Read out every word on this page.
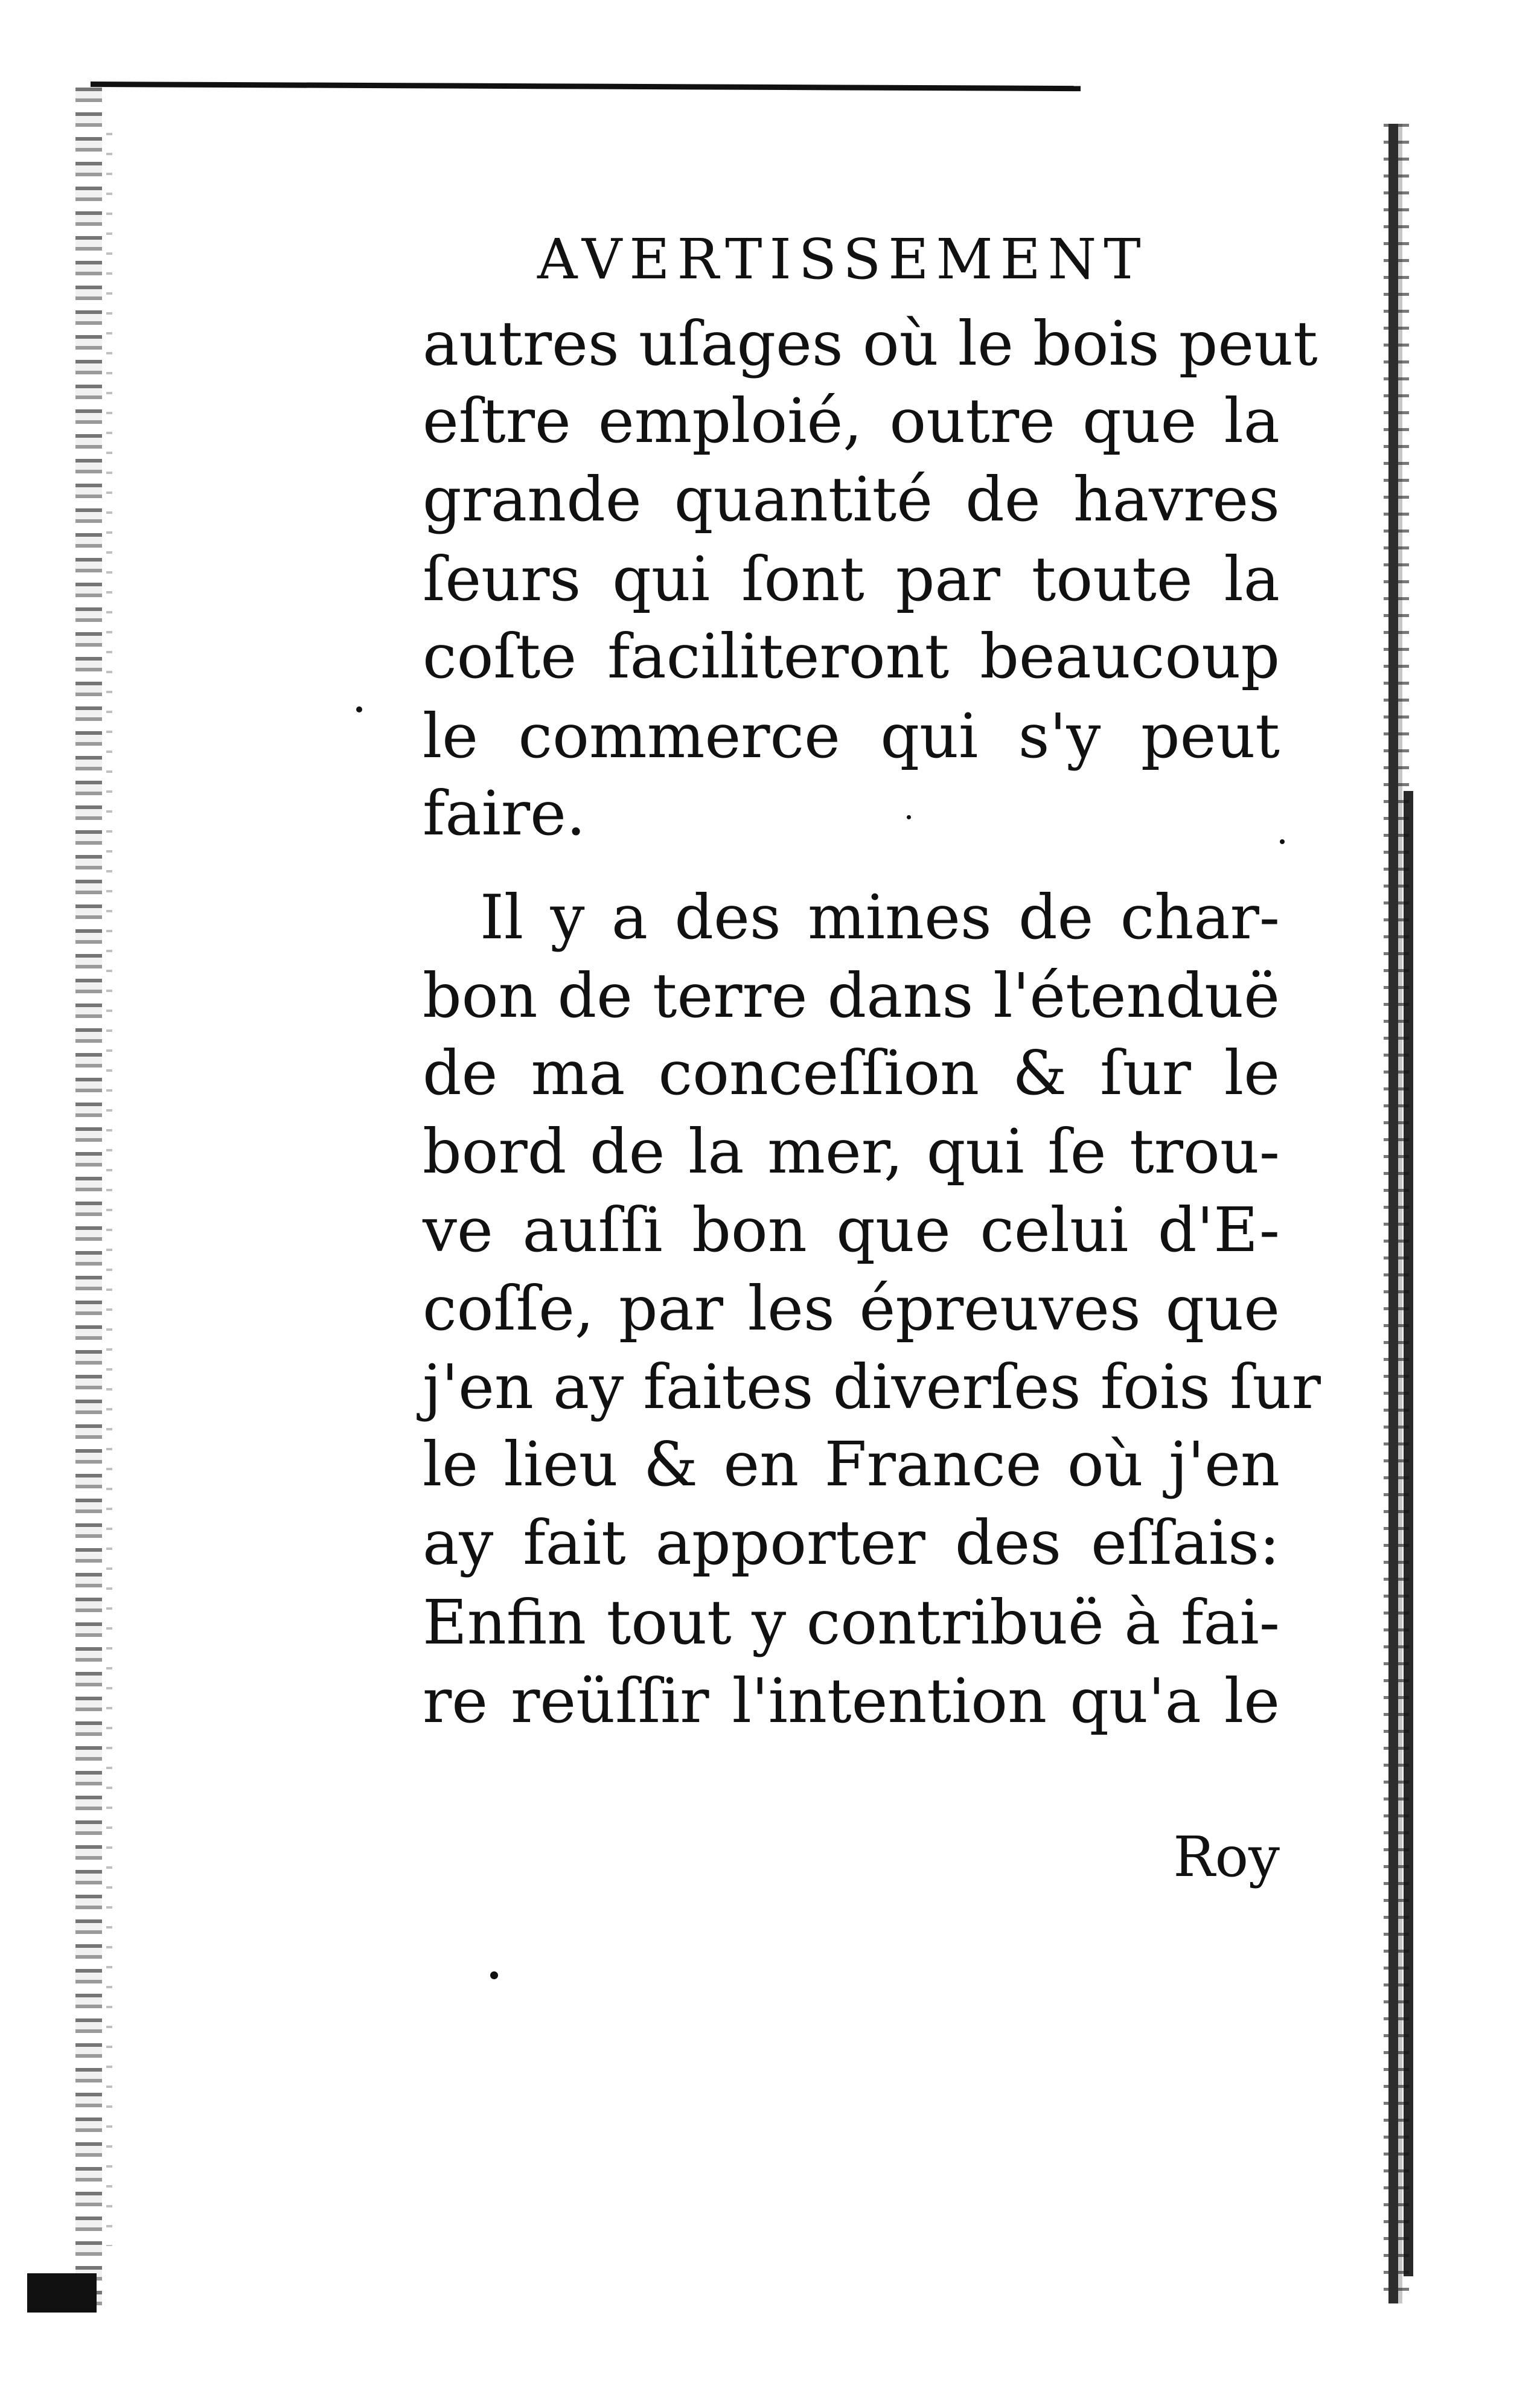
AVERTISSEMENT
autres uſages où le bois peut
eſtre emploié, outre que la
grande quantité de havres
ſeurs qui ſont par toute la
coſte faciliteront beaucoup
le commerce qui s'y peut
faire.
Il y a des mines de char-
bon de terre dans l'étenduë
de ma conceſſion & ſur le
bord de la mer, qui ſe trou-
ve auſſi bon que celui d'E-
coſſe, par les épreuves que
j'en ay faites diverſes fois ſur
le lieu & en France où j'en
ay fait apporter des eſſais:
Enfin tout y contribuë à fai-
re reüſſir l'intention qu'a le
Roy
